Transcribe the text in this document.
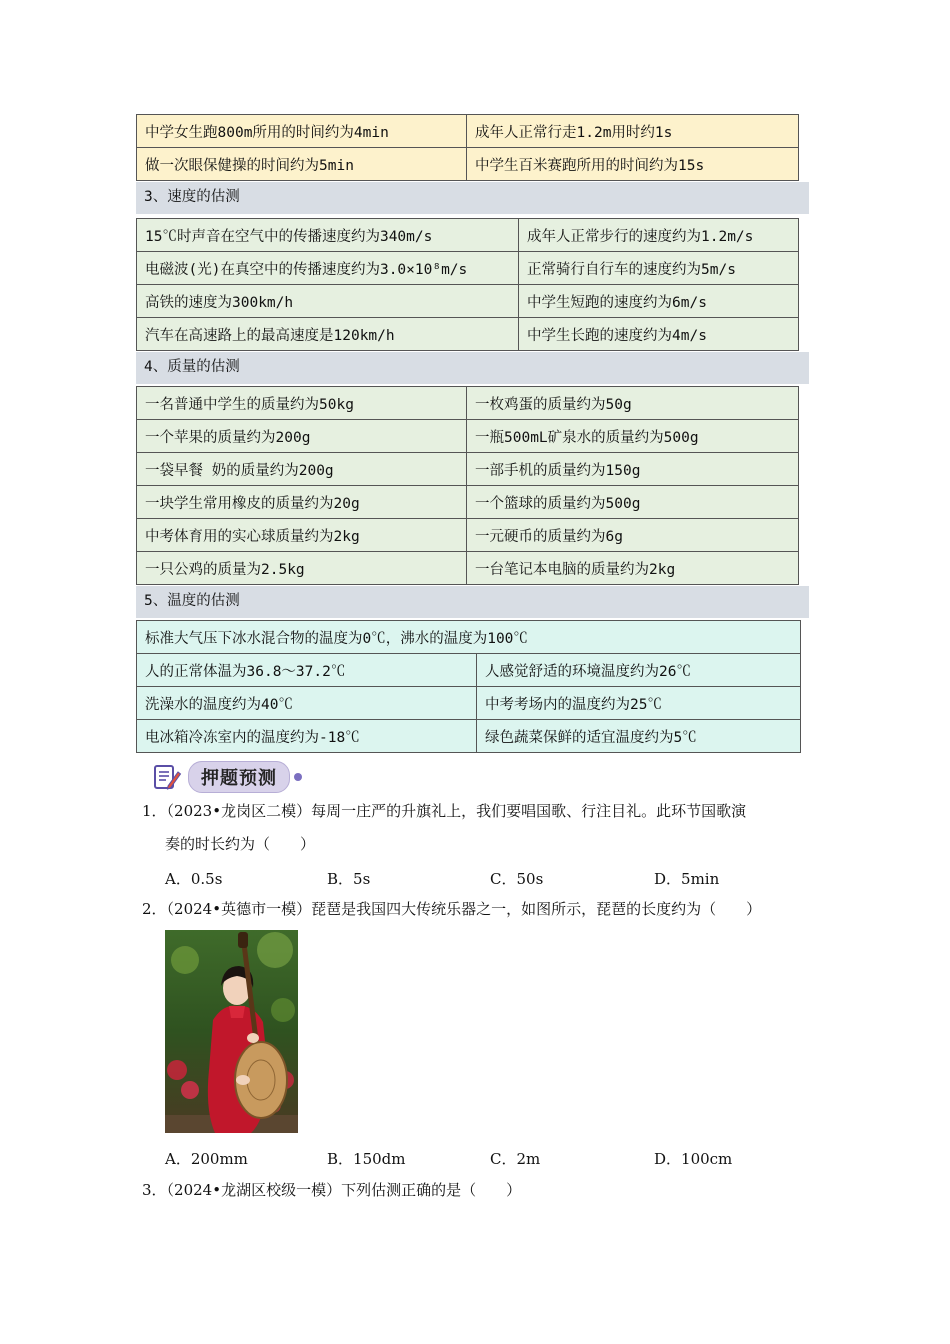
中学女生跑800m所用的时间约为4min	成年人正常行走1.2m用时约1s
做一次眼保健操的时间约为5min	中学生百米赛跑所用的时间约为15s
3、速度的估测
15℃时声音在空气中的传播速度约为340m/s	成年人正常步行的速度约为1.2m/s
电磁波(光)在真空中的传播速度约为3.0×10⁸m/s	正常骑行自行车的速度约为5m/s
高铁的速度为300km/h	中学生短跑的速度约为6m/s
汽车在高速路上的最高速度是120km/h	中学生长跑的速度约为4m/s
4、质量的估测
一名普通中学生的质量约为50kg	一枚鸡蛋的质量约为50g
一个苹果的质量约为200g	一瓶500mL矿泉水的质量约为500g
一袋早餐 奶的质量约为200g	一部手机的质量约为150g
一块学生常用橡皮的质量约为20g	一个篮球的质量约为500g
中考体育用的实心球质量约为2kg	一元硬币的质量约为6g
一只公鸡的质量为2.5kg	一台笔记本电脑的质量约为2kg
5、温度的估测
标准大气压下冰水混合物的温度为0℃，沸水的温度为100℃	
人的正常体温为36.8～37.2℃	人感觉舒适的环境温度约为26℃
洗澡水的温度约为40℃	中考考场内的温度约为25℃
电冰箱冷冻室内的温度约为-18℃	绿色蔬菜保鲜的适宜温度约为5℃
押题预测
1．（2023•龙岗区二模）每周一庄严的升旗礼上，我们要唱国歌、行注目礼。此环节国歌演
奏的时长约为（　　）
A．0.5s	B．5s	C．50s	D．5min
2．（2024•英德市一模）琵琶是我国四大传统乐器之一，如图所示，琵琶的长度约为（　　）
A．200mm	B．150dm	C．2m	D．100cm
3．（2024•龙湖区校级一模）下列估测正确的是（　　）
